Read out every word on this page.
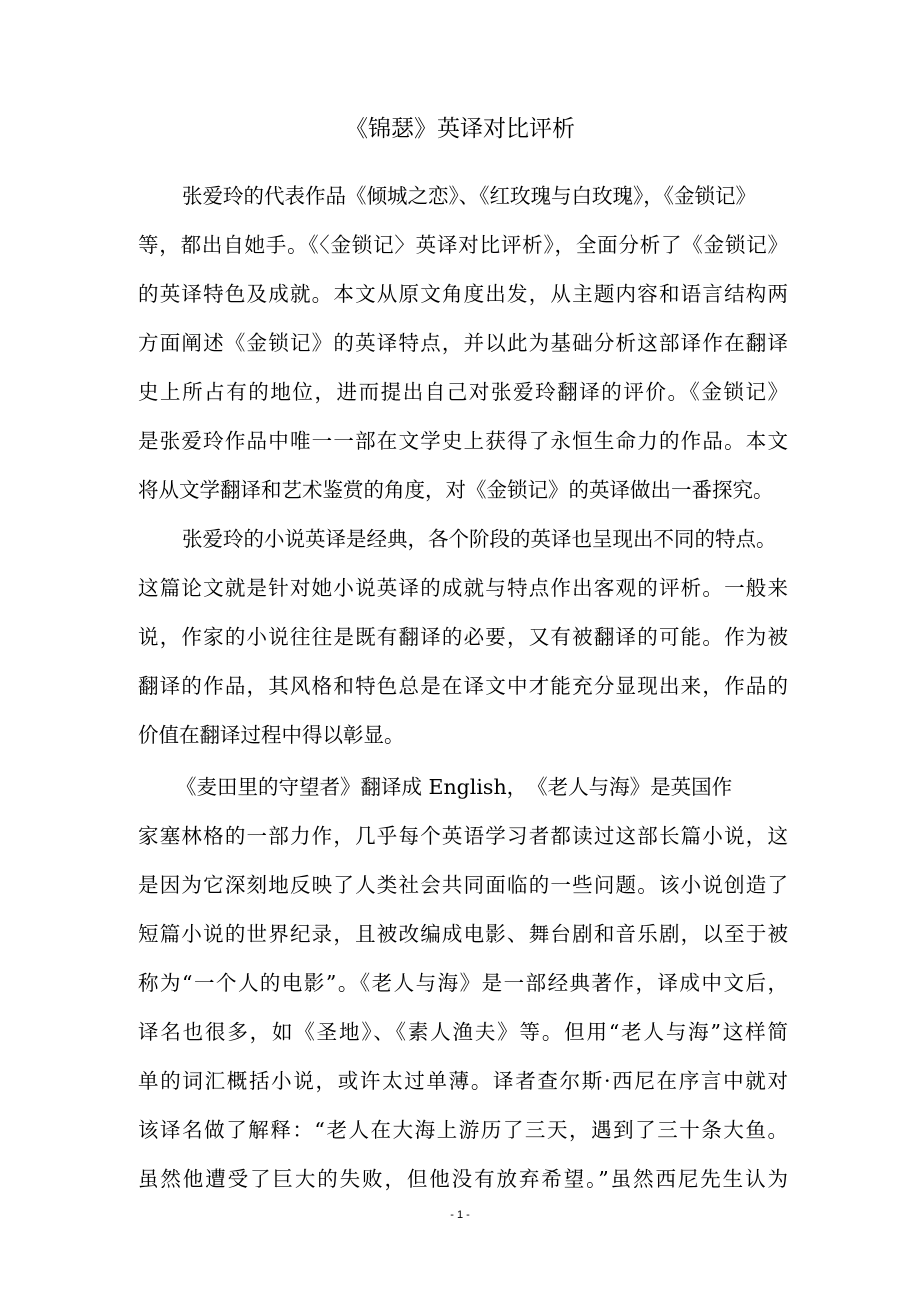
《锦瑟》英译对比评析
张爱玲的代表作品《倾城之恋》、《红玫瑰与白玫瑰》，《金锁记》
等，都出自她手。《〈金锁记〉英译对比评析》，全面分析了《金锁记》
的英译特色及成就。本文从原文角度出发，从主题内容和语言结构两
方面阐述《金锁记》的英译特点，并以此为基础分析这部译作在翻译
史上所占有的地位，进而提出自己对张爱玲翻译的评价。《金锁记》
是张爱玲作品中唯一一部在文学史上获得了永恒生命力的作品。本文
将从文学翻译和艺术鉴赏的角度，对《金锁记》的英译做出一番探究。
张爱玲的小说英译是经典，各个阶段的英译也呈现出不同的特点。
这篇论文就是针对她小说英译的成就与特点作出客观的评析。一般来
说，作家的小说往往是既有翻译的必要，又有被翻译的可能。作为被
翻译的作品，其风格和特色总是在译文中才能充分显现出来，作品的
价值在翻译过程中得以彰显。
《麦田里的守望者》翻译成 English，　《老人与海》是英国作
家塞林格的一部力作，几乎每个英语学习者都读过这部长篇小说，这
是因为它深刻地反映了人类社会共同面临的一些问题。该小说创造了
短篇小说的世界纪录，且被改编成电影、舞台剧和音乐剧，以至于被
称为“一个人的电影”。《老人与海》是一部经典著作，译成中文后，
译名也很多，如《圣地》、《素人渔夫》等。但用“老人与海”这样简
单的词汇概括小说，或许太过单薄。译者查尔斯·西尼在序言中就对
该译名做了解释：“老人在大海上游历了三天，遇到了三十条大鱼。
虽然他遭受了巨大的失败，但他没有放弃希望。”虽然西尼先生认为
- 1 -
